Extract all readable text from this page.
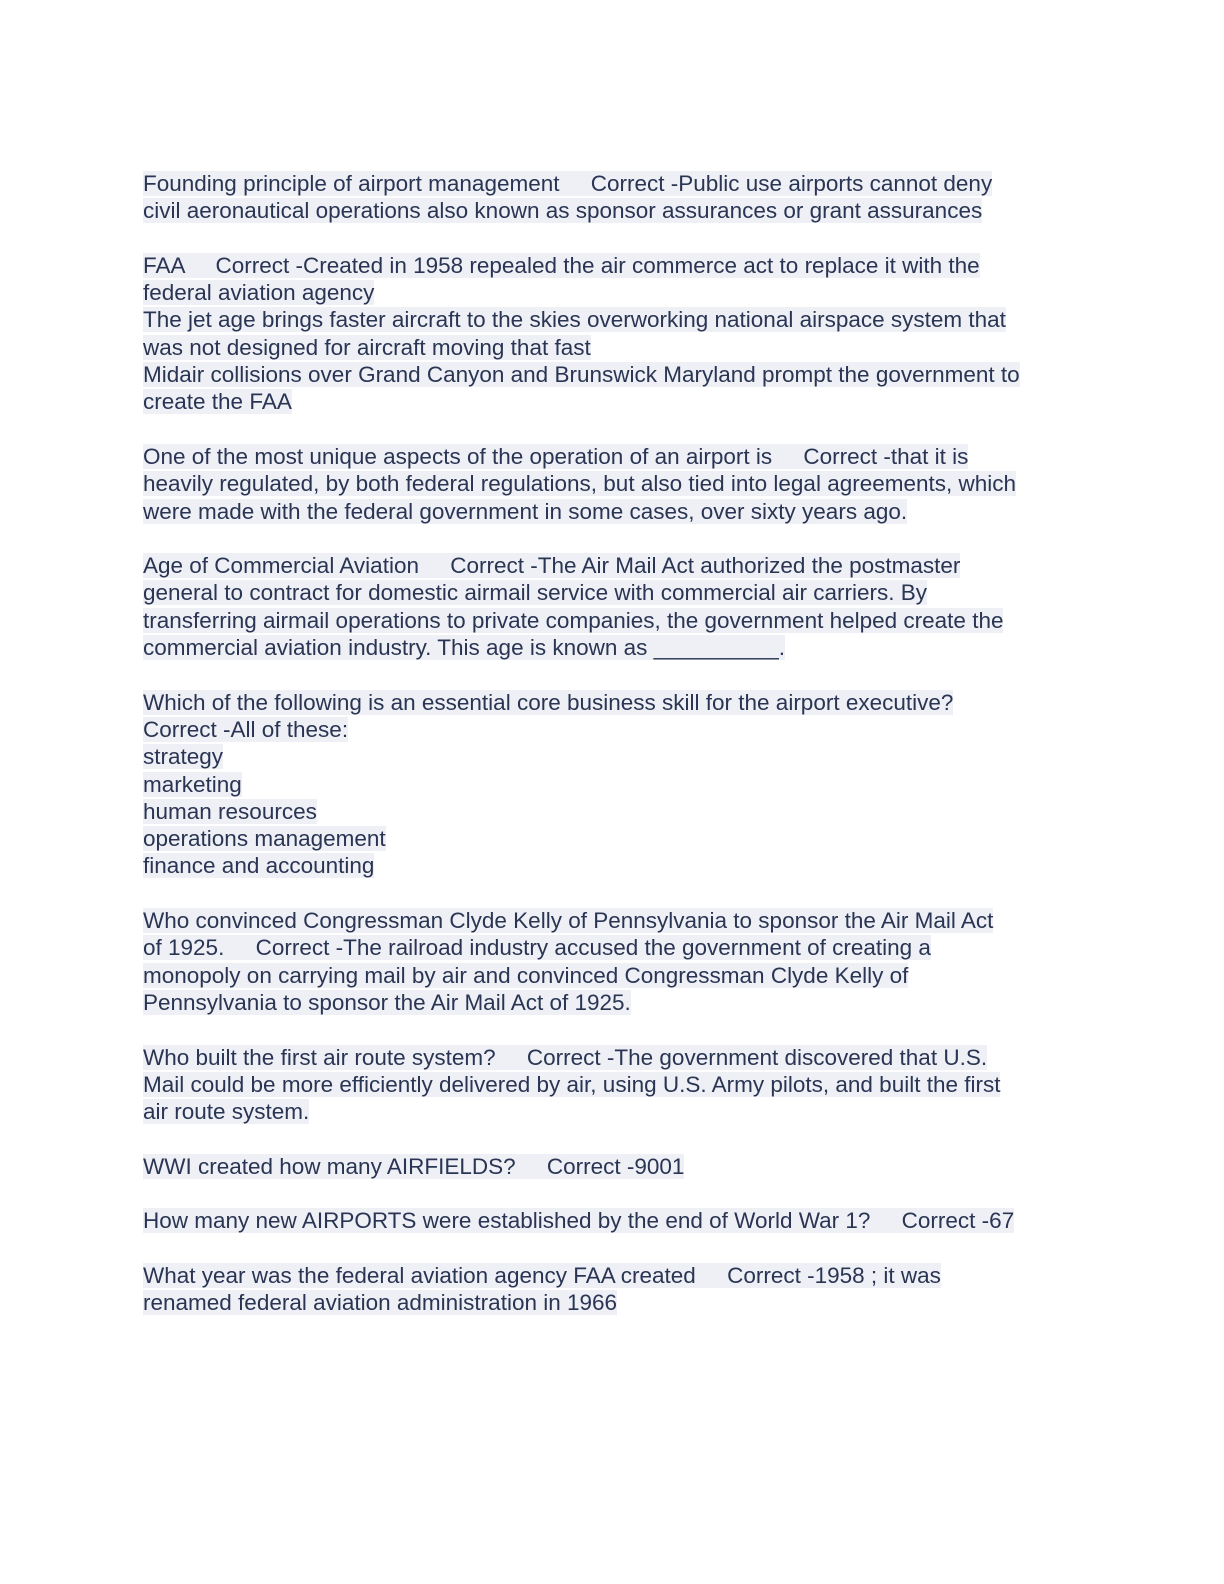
Founding principle of airport management     Correct -Public use airports cannot deny
civil aeronautical operations also known as sponsor assurances or grant assurances
FAA     Correct -Created in 1958 repealed the air commerce act to replace it with the
federal aviation agency
The jet age brings faster aircraft to the skies overworking national airspace system that
was not designed for aircraft moving that fast
Midair collisions over Grand Canyon and Brunswick Maryland prompt the government to
create the FAA
One of the most unique aspects of the operation of an airport is     Correct -that it is
heavily regulated, by both federal regulations, but also tied into legal agreements, which
were made with the federal government in some cases, over sixty years ago.
Age of Commercial Aviation     Correct -The Air Mail Act authorized the postmaster
general to contract for domestic airmail service with commercial air carriers. By
transferring airmail operations to private companies, the government helped create the
commercial aviation industry. This age is known as __________.
Which of the following is an essential core business skill for the airport executive?
Correct -All of these:
strategy
marketing
human resources
operations management
finance and accounting
Who convinced Congressman Clyde Kelly of Pennsylvania to sponsor the Air Mail Act
of 1925.     Correct -The railroad industry accused the government of creating a
monopoly on carrying mail by air and convinced Congressman Clyde Kelly of
Pennsylvania to sponsor the Air Mail Act of 1925.
Who built the first air route system?     Correct -The government discovered that U.S.
Mail could be more efficiently delivered by air, using U.S. Army pilots, and built the first
air route system.
WWI created how many AIRFIELDS?     Correct -9001
How many new AIRPORTS were established by the end of World War 1?     Correct -67
What year was the federal aviation agency FAA created     Correct -1958 ; it was
renamed federal aviation administration in 1966
